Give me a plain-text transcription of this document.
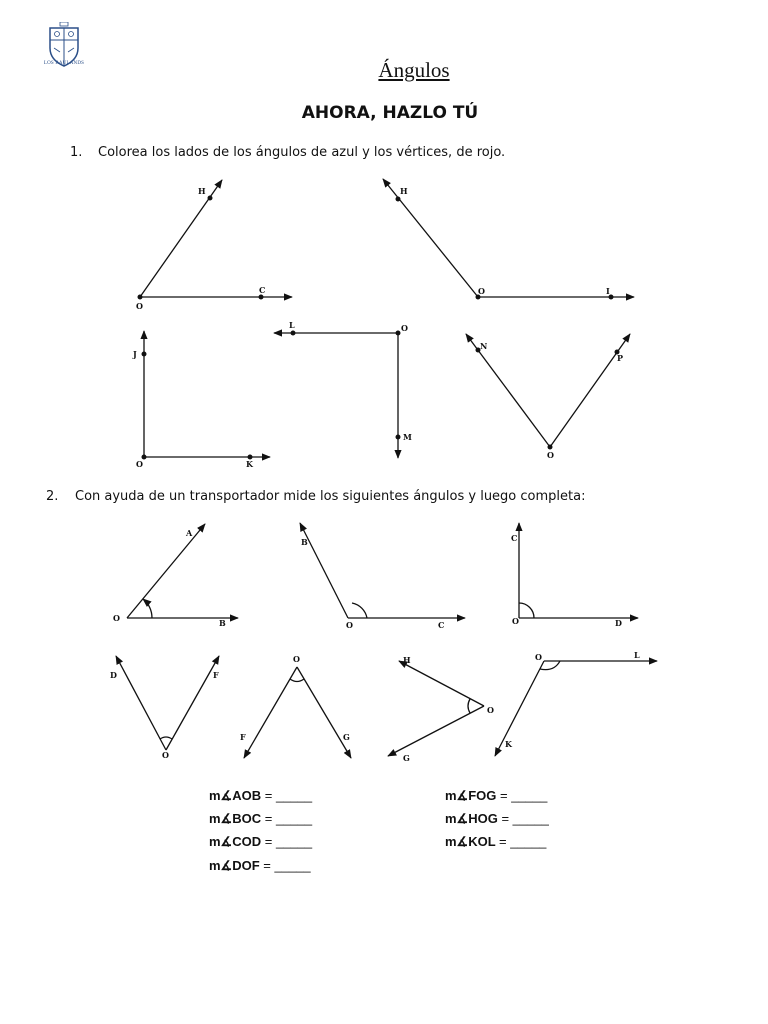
LOS RAULANDS	Ángulos
AHORA, HAZLO TÚ
1. Colorea los lados de los ángulos de azul y los vértices, de rojo.
2. Con ayuda de un transportador mide los siguientes ángulos y luego completa:
H
O
C
H
O	I
J
O	K
L	O
M
N
O
P
A
O	B
B
O	C
C
O	D
D
O
F
O
F	G
H
O
G
O	L
K
m∡AOB = _____
m∡BOC = _____
m∡COD = _____
m∡DOF = _____
m∡FOG = _____
m∡HOG = _____
m∡KOL = _____
